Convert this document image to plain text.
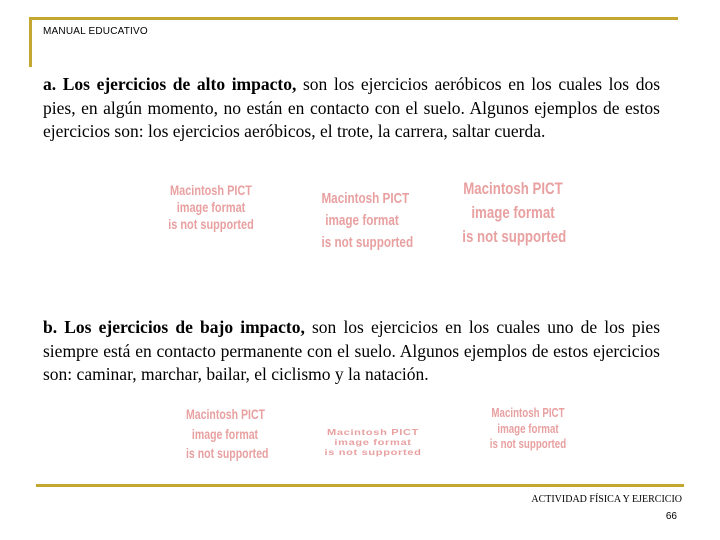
MANUAL EDUCATIVO
a. Los ejercicios de alto impacto, son los ejercicios aeróbicos en los cuales los dos pies, en algún momento, no están en contacto con el suelo. Algunos ejemplos de estos ejercicios son: los ejercicios aeróbicos, el trote, la carrera, saltar cuerda.
Macintosh PICT
image format
is not supported
Macintosh PICT
image format
is not supported
Macintosh PICT
image format
is not supported
b. Los ejercicios de bajo impacto, son los ejercicios en los cuales uno de los pies siempre está en contacto permanente con el suelo. Algunos ejemplos de estos ejercicios son: caminar, marchar, bailar, el ciclismo y la natación.
Macintosh PICT
image format
is not supported
Macintosh PICT
image format
is not supported
Macintosh PICT
image format
is not supported
ACTIVIDAD FÍSICA Y EJERCICIO
66
